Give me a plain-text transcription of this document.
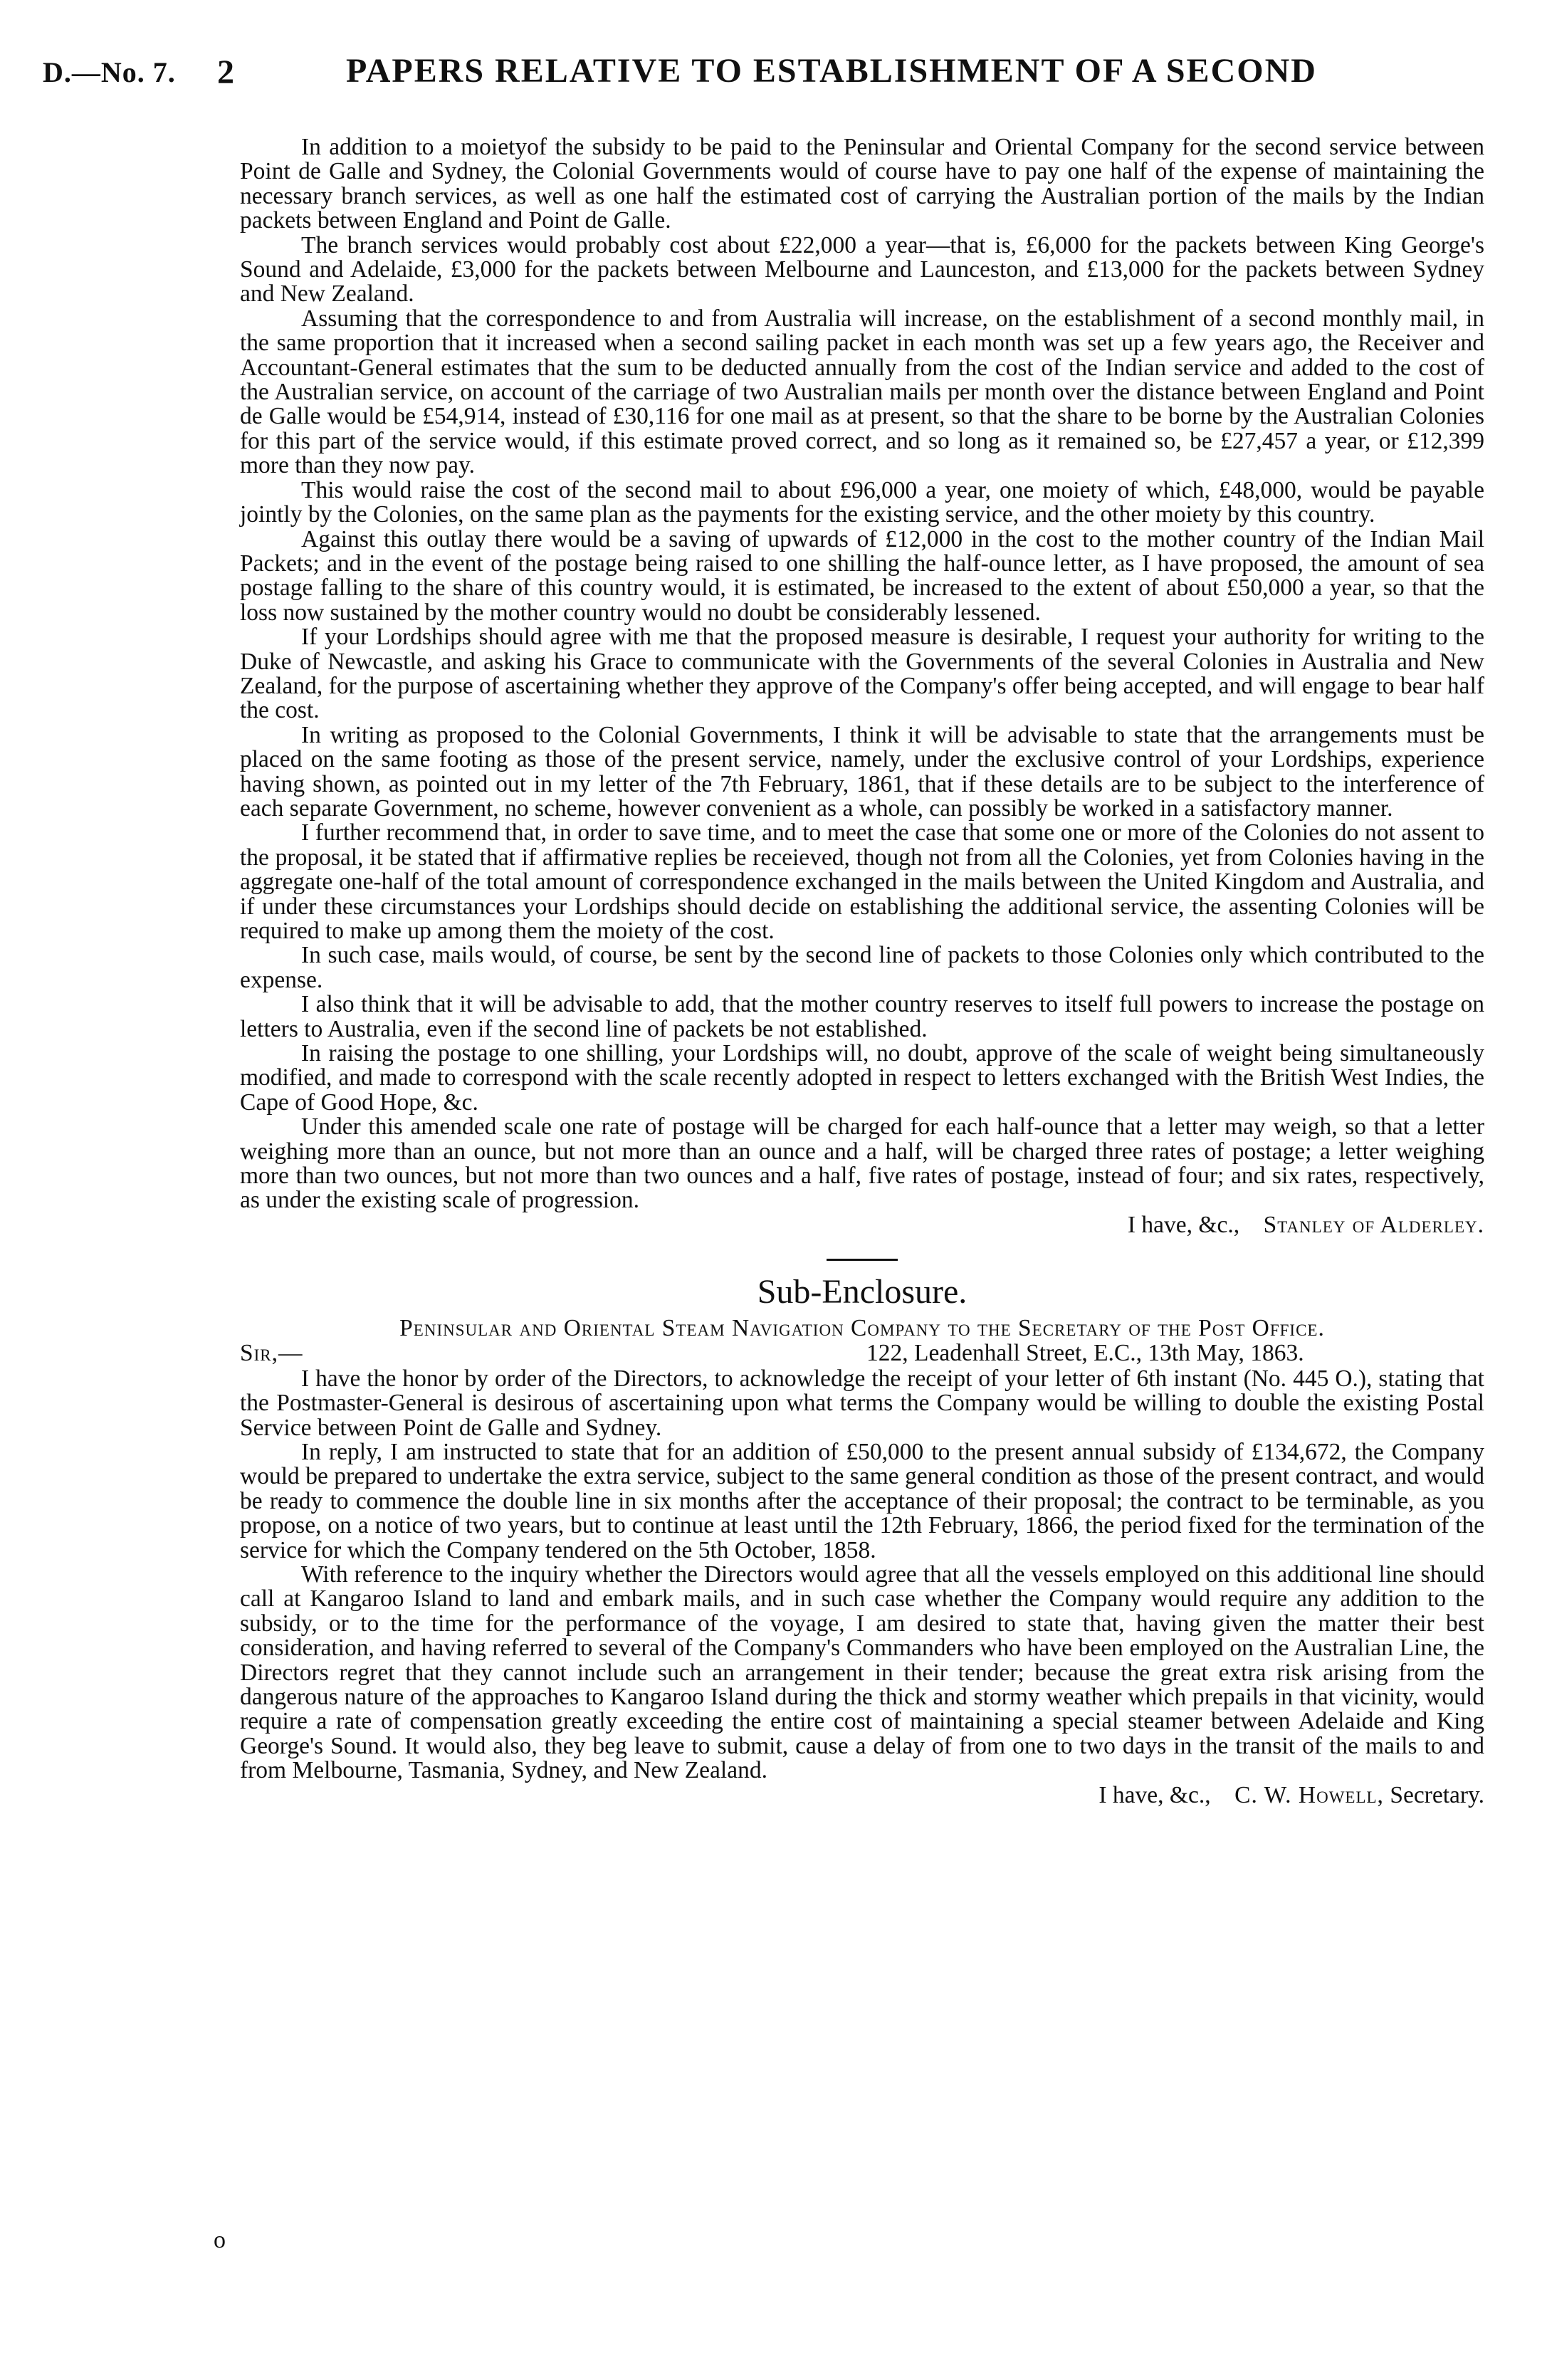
D.—No. 7. 2	PAPERS RELATIVE TO ESTABLISHMENT OF A SECOND

In addition to a moietyof the subsidy to be paid to the Peninsular and Oriental Company for the second service between Point de Galle and Sydney, the Colonial Governments would of course have to pay one half of the expense of maintaining the necessary branch services, as well as one half the estimated cost of carrying the Australian portion of the mails by the Indian packets between England and Point de Galle.

The branch services would probably cost about £22,000 a year—that is, £6,000 for the packets between King George's Sound and Adelaide, £3,000 for the packets between Melbourne and Launceston, and £13,000 for the packets between Sydney and New Zealand.

Assuming that the correspondence to and from Australia will increase, on the establishment of a second monthly mail, in the same proportion that it increased when a second sailing packet in each month was set up a few years ago, the Receiver and Accountant-General estimates that the sum to be deducted annually from the cost of the Indian service and added to the cost of the Australian service, on account of the carriage of two Australian mails per month over the distance between England and Point de Galle would be £54,914, instead of £30,116 for one mail as at present, so that the share to be borne by the Australian Colonies for this part of the service would, if this estimate proved correct, and so long as it remained so, be £27,457 a year, or £12,399 more than they now pay.

This would raise the cost of the second mail to about £96,000 a year, one moiety of which, £48,000, would be payable jointly by the Colonies, on the same plan as the payments for the existing service, and the other moiety by this country.

Against this outlay there would be a saving of upwards of £12,000 in the cost to the mother country of the Indian Mail Packets; and in the event of the postage being raised to one shilling the half-ounce letter, as I have proposed, the amount of sea postage falling to the share of this country would, it is estimated, be increased to the extent of about £50,000 a year, so that the loss now sustained by the mother country would no doubt be considerably lessened.

If your Lordships should agree with me that the proposed measure is desirable, I request your authority for writing to the Duke of Newcastle, and asking his Grace to communicate with the Governments of the several Colonies in Australia and New Zealand, for the purpose of ascertaining whether they approve of the Company's offer being accepted, and will engage to bear half the cost.

In writing as proposed to the Colonial Governments, I think it will be advisable to state that the arrangements must be placed on the same footing as those of the present service, namely, under the exclusive control of your Lordships, experience having shown, as pointed out in my letter of the 7th February, 1861, that if these details are to be subject to the interference of each separate Government, no scheme, however convenient as a whole, can possibly be worked in a satisfactory manner.

I further recommend that, in order to save time, and to meet the case that some one or more of the Colonies do not assent to the proposal, it be stated that if affirmative replies be receieved, though not from all the Colonies, yet from Colonies having in the aggregate one-half of the total amount of correspondence exchanged in the mails between the United Kingdom and Australia, and if under these circumstances your Lordships should decide on establishing the additional service, the assenting Colonies will be required to make up among them the moiety of the cost.

In such case, mails would, of course, be sent by the second line of packets to those Colonies only which contributed to the expense.

I also think that it will be advisable to add, that the mother country reserves to itself full powers to increase the postage on letters to Australia, even if the second line of packets be not established.

In raising the postage to one shilling, your Lordships will, no doubt, approve of the scale of weight being simultaneously modified, and made to correspond with the scale recently adopted in respect to letters exchanged with the British West Indies, the Cape of Good Hope, &c.

Under this amended scale one rate of postage will be charged for each half-ounce that a letter may weigh, so that a letter weighing more than an ounce, but not more than an ounce and a half, will be charged three rates of postage; a letter weighing more than two ounces, but not more than two ounces and a half, five rates of postage, instead of four; and six rates, respectively, as under the existing scale of progression.

I have, &c., Stanley of Alderley.

Sub-Enclosure.

Peninsular and Oriental Steam Navigation Company to the Secretary of the Post Office.

Sir,—	122, Leadenhall Street, E.C., 13th May, 1863.

I have the honor by order of the Directors, to acknowledge the receipt of your letter of 6th instant (No. 445 O.), stating that the Postmaster-General is desirous of ascertaining upon what terms the Company would be willing to double the existing Postal Service between Point de Galle and Sydney.

In reply, I am instructed to state that for an addition of £50,000 to the present annual subsidy of £134,672, the Company would be prepared to undertake the extra service, subject to the same general condition as those of the present contract, and would be ready to commence the double line in six months after the acceptance of their proposal; the contract to be terminable, as you propose, on a notice of two years, but to continue at least until the 12th February, 1866, the period fixed for the termination of the service for which the Company tendered on the 5th October, 1858.

With reference to the inquiry whether the Directors would agree that all the vessels employed on this additional line should call at Kangaroo Island to land and embark mails, and in such case whether the Company would require any addition to the subsidy, or to the time for the performance of the voyage, I am desired to state that, having given the matter their best consideration, and having referred to several of the Company's Commanders who have been employed on the Australian Line, the Directors regret that they cannot include such an arrangement in their tender; because the great extra risk arising from the dangerous nature of the approaches to Kangaroo Island during the thick and stormy weather which prepails in that vicinity, would require a rate of compensation greatly exceeding the entire cost of maintaining a special steamer between Adelaide and King George's Sound. It would also, they beg leave to submit, cause a delay of from one to two days in the transit of the mails to and from Melbourne, Tasmania, Sydney, and New Zealand.

I have, &c., C. W. Howell, Secretary.

o
